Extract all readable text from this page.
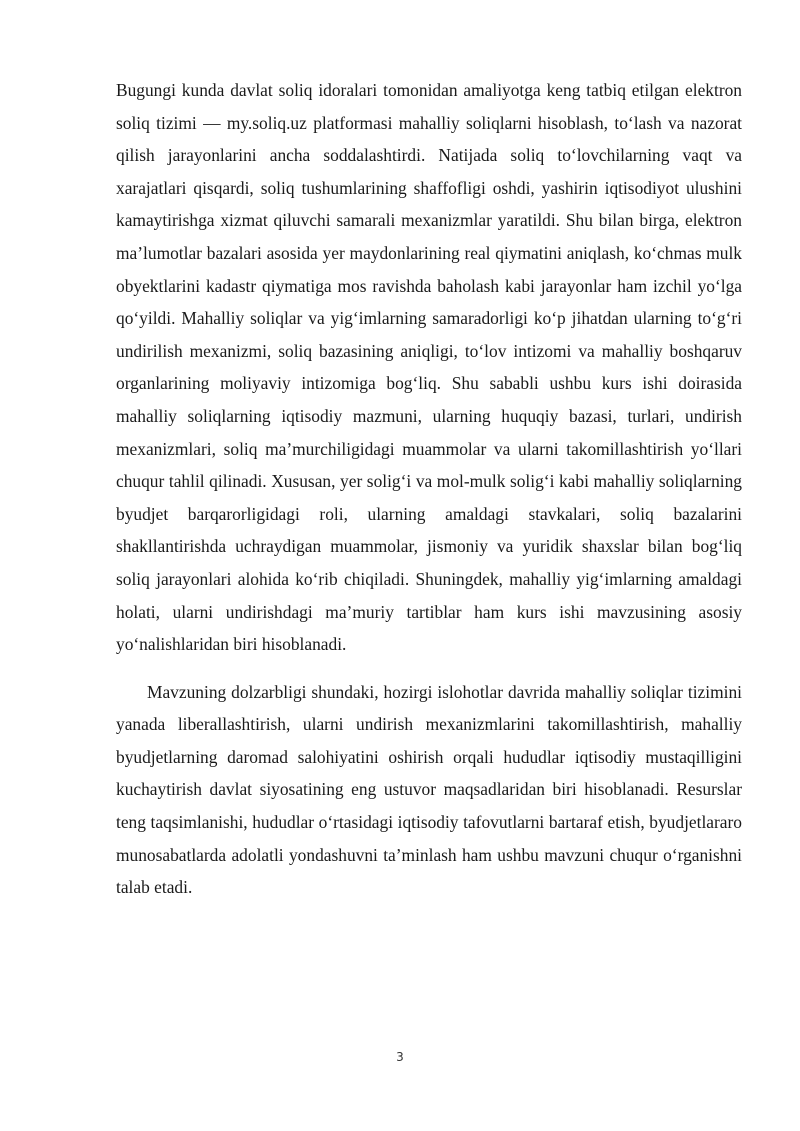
Bugungi kunda davlat soliq idoralari tomonidan amaliyotga keng tatbiq etilgan elektron soliq tizimi — my.soliq.uz platformasi mahalliy soliqlarni hisoblash, to‘lash va nazorat qilish jarayonlarini ancha soddalashtirdi. Natijada soliq to‘lovchilarning vaqt va xarajatlari qisqardi, soliq tushumlarining shaffofligi oshdi, yashirin iqtisodiyot ulushini kamaytirishga xizmat qiluvchi samarali mexanizmlar yaratildi. Shu bilan birga, elektron ma’lumotlar bazalari asosida yer maydonlarining real qiymatini aniqlash, ko‘chmas mulk obyektlarini kadastr qiymatiga mos ravishda baholash kabi jarayonlar ham izchil yo‘lga qo‘yildi. Mahalliy soliqlar va yig‘imlarning samaradorligi ko‘p jihatdan ularning to‘g‘ri undirilish mexanizmi, soliq bazasining aniqligi, to‘lov intizomi va mahalliy boshqaruv organlarining moliyaviy intizomiga bog‘liq. Shu sababli ushbu kurs ishi doirasida mahalliy soliqlarning iqtisodiy mazmuni, ularning huquqiy bazasi, turlari, undirish mexanizmlari, soliq ma’murchiligidagi muammolar va ularni takomillashtirish yo‘llari chuqur tahlil qilinadi. Xususan, yer solig‘i va mol-mulk solig‘i kabi mahalliy soliqlarning byudjet barqarorligidagi roli, ularning amaldagi stavkalari, soliq bazalarini shakllantirishda uchraydigan muammolar, jismoniy va yuridik shaxslar bilan bog‘liq soliq jarayonlari alohida ko‘rib chiqiladi. Shuningdek, mahalliy yig‘imlarning amaldagi holati, ularni undirishdagi ma’muriy tartiblar ham kurs ishi mavzusining asosiy yo‘nalishlaridan biri hisoblanadi.

Mavzuning dolzarbligi shundaki, hozirgi islohotlar davrida mahalliy soliqlar tizimini yanada liberallashtirish, ularni undirish mexanizmlarini takomillashtirish, mahalliy byudjetlarning daromad salohiyatini oshirish orqali hududlar iqtisodiy mustaqilligini kuchaytirish davlat siyosatining eng ustuvor maqsadlaridan biri hisoblanadi. Resurslar teng taqsimlanishi, hududlar o‘rtasidagi iqtisodiy tafovutlarni bartaraf etish, byudjetlararo munosabatlarda adolatli yondashuvni ta’minlash ham ushbu mavzuni chuqur o‘rganishni talab etadi.

3
